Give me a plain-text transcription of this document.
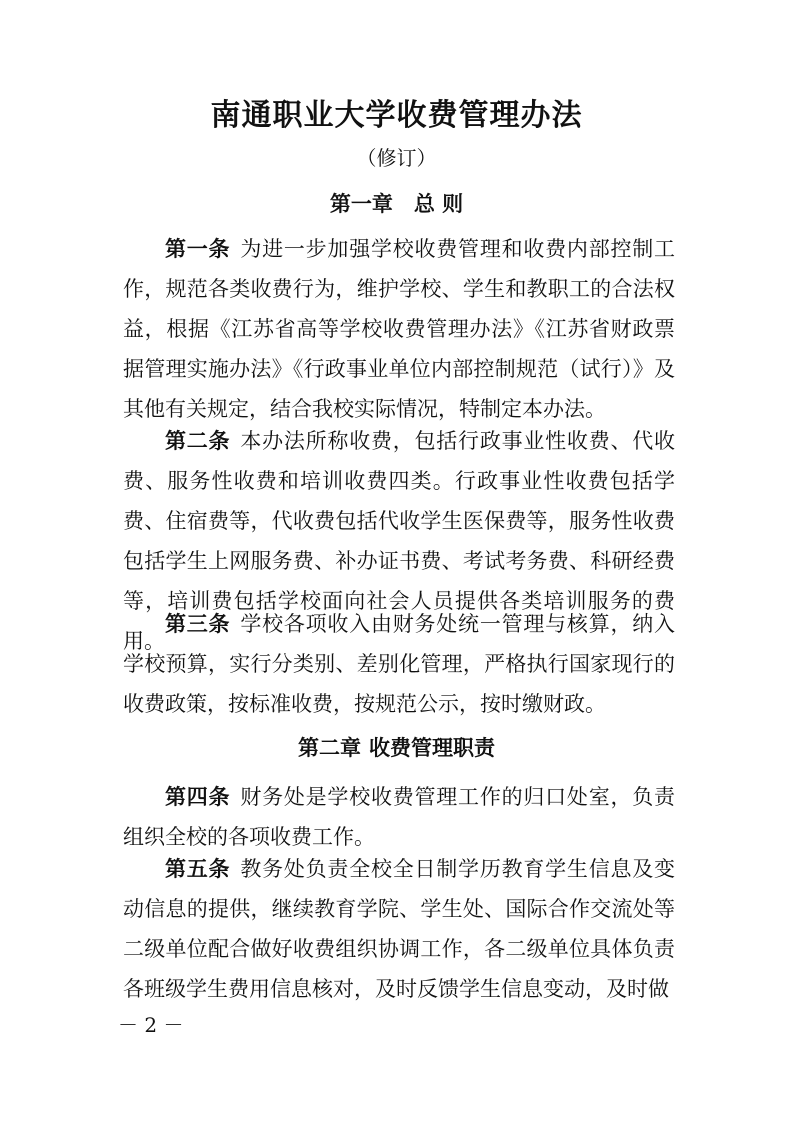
南通职业大学收费管理办法
（修订）
第一章 总 则
第一条 为进一步加强学校收费管理和收费内部控制工作，规范各类收费行为，维护学校、学生和教职工的合法权益，根据《江苏省高等学校收费管理办法》《江苏省财政票据管理实施办法》《行政事业单位内部控制规范（试行）》及其他有关规定，结合我校实际情况，特制定本办法。
第二条 本办法所称收费，包括行政事业性收费、代收费、服务性收费和培训收费四类。行政事业性收费包括学费、住宿费等，代收费包括代收学生医保费等，服务性收费包括学生上网服务费、补办证书费、考试考务费、科研经费等，培训费包括学校面向社会人员提供各类培训服务的费用。
第三条 学校各项收入由财务处统一管理与核算，纳入学校预算，实行分类别、差别化管理，严格执行国家现行的收费政策，按标准收费，按规范公示，按时缴财政。
第二章 收费管理职责
第四条 财务处是学校收费管理工作的归口处室，负责组织全校的各项收费工作。
第五条 教务处负责全校全日制学历教育学生信息及变动信息的提供，继续教育学院、学生处、国际合作交流处等二级单位配合做好收费组织协调工作，各二级单位具体负责各班级学生费用信息核对，及时反馈学生信息变动，及时做
－ 2 －
